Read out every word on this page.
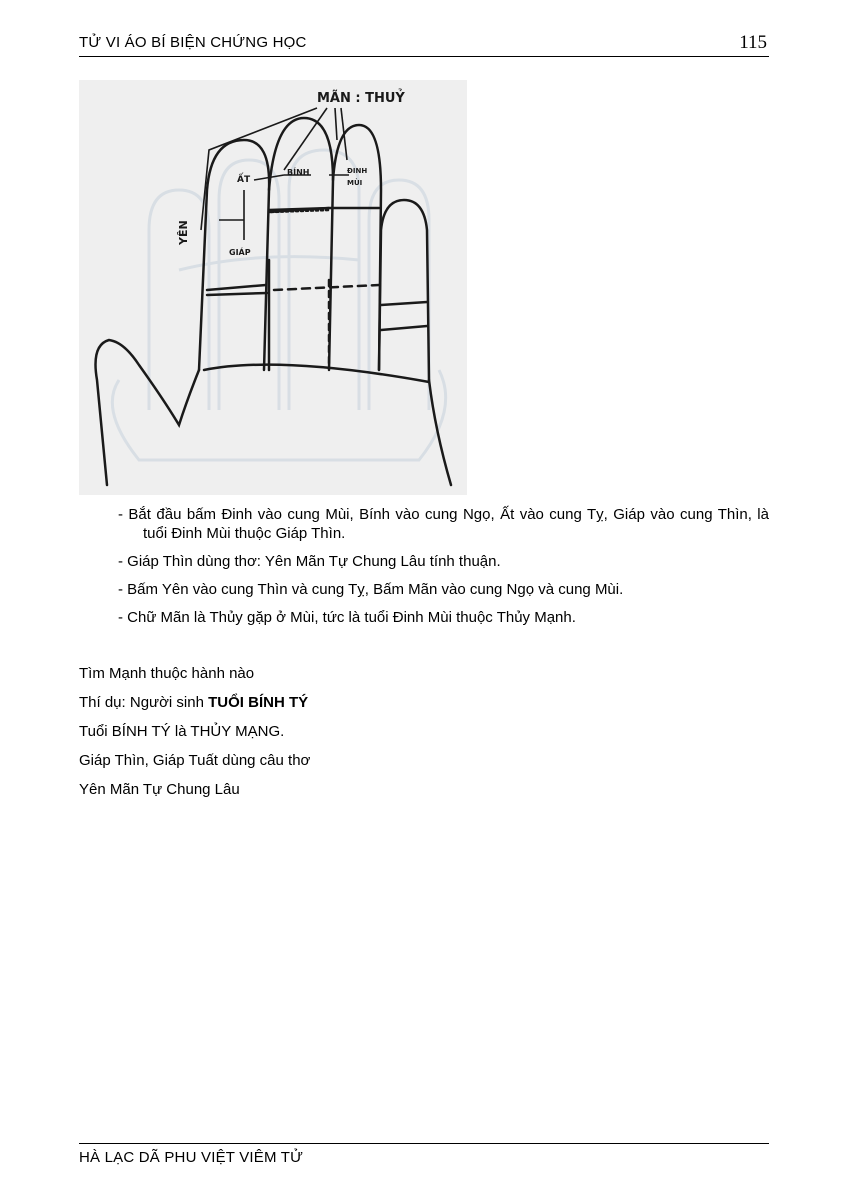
TỬ VI ÁO BÍ BIỆN CHỨNG HỌC	115
MÃN : THUỶ
YÊN
ẤT
GIÁP
BÍNH	ĐINH
MÙI

- Bắt đầu bấm Đinh vào cung Mùi, Bính vào cung Ngọ, Ất vào cung Tỵ, Giáp vào cung Thìn, là tuổi Đinh Mùi thuộc Giáp Thìn.

- Giáp Thìn dùng thơ: Yên Mãn Tự Chung Lâu tính thuận.

- Bấm Yên vào cung Thìn và cung Tỵ, Bấm Mãn vào cung Ngọ và cung Mùi.

- Chữ Mãn là Thủy gặp ở Mùi, tức là tuổi Đinh Mùi thuộc Thủy Mạnh.

Tìm Mạnh thuộc hành nào
Thí dụ: Người sinh TUỔI BÍNH TÝ
Tuổi BÍNH TÝ là THỦY MẠNG.
Giáp Thìn, Giáp Tuất dùng câu thơ
Yên Mãn Tự Chung Lâu
HÀ LẠC DÃ PHU VIỆT VIÊM TỬ
